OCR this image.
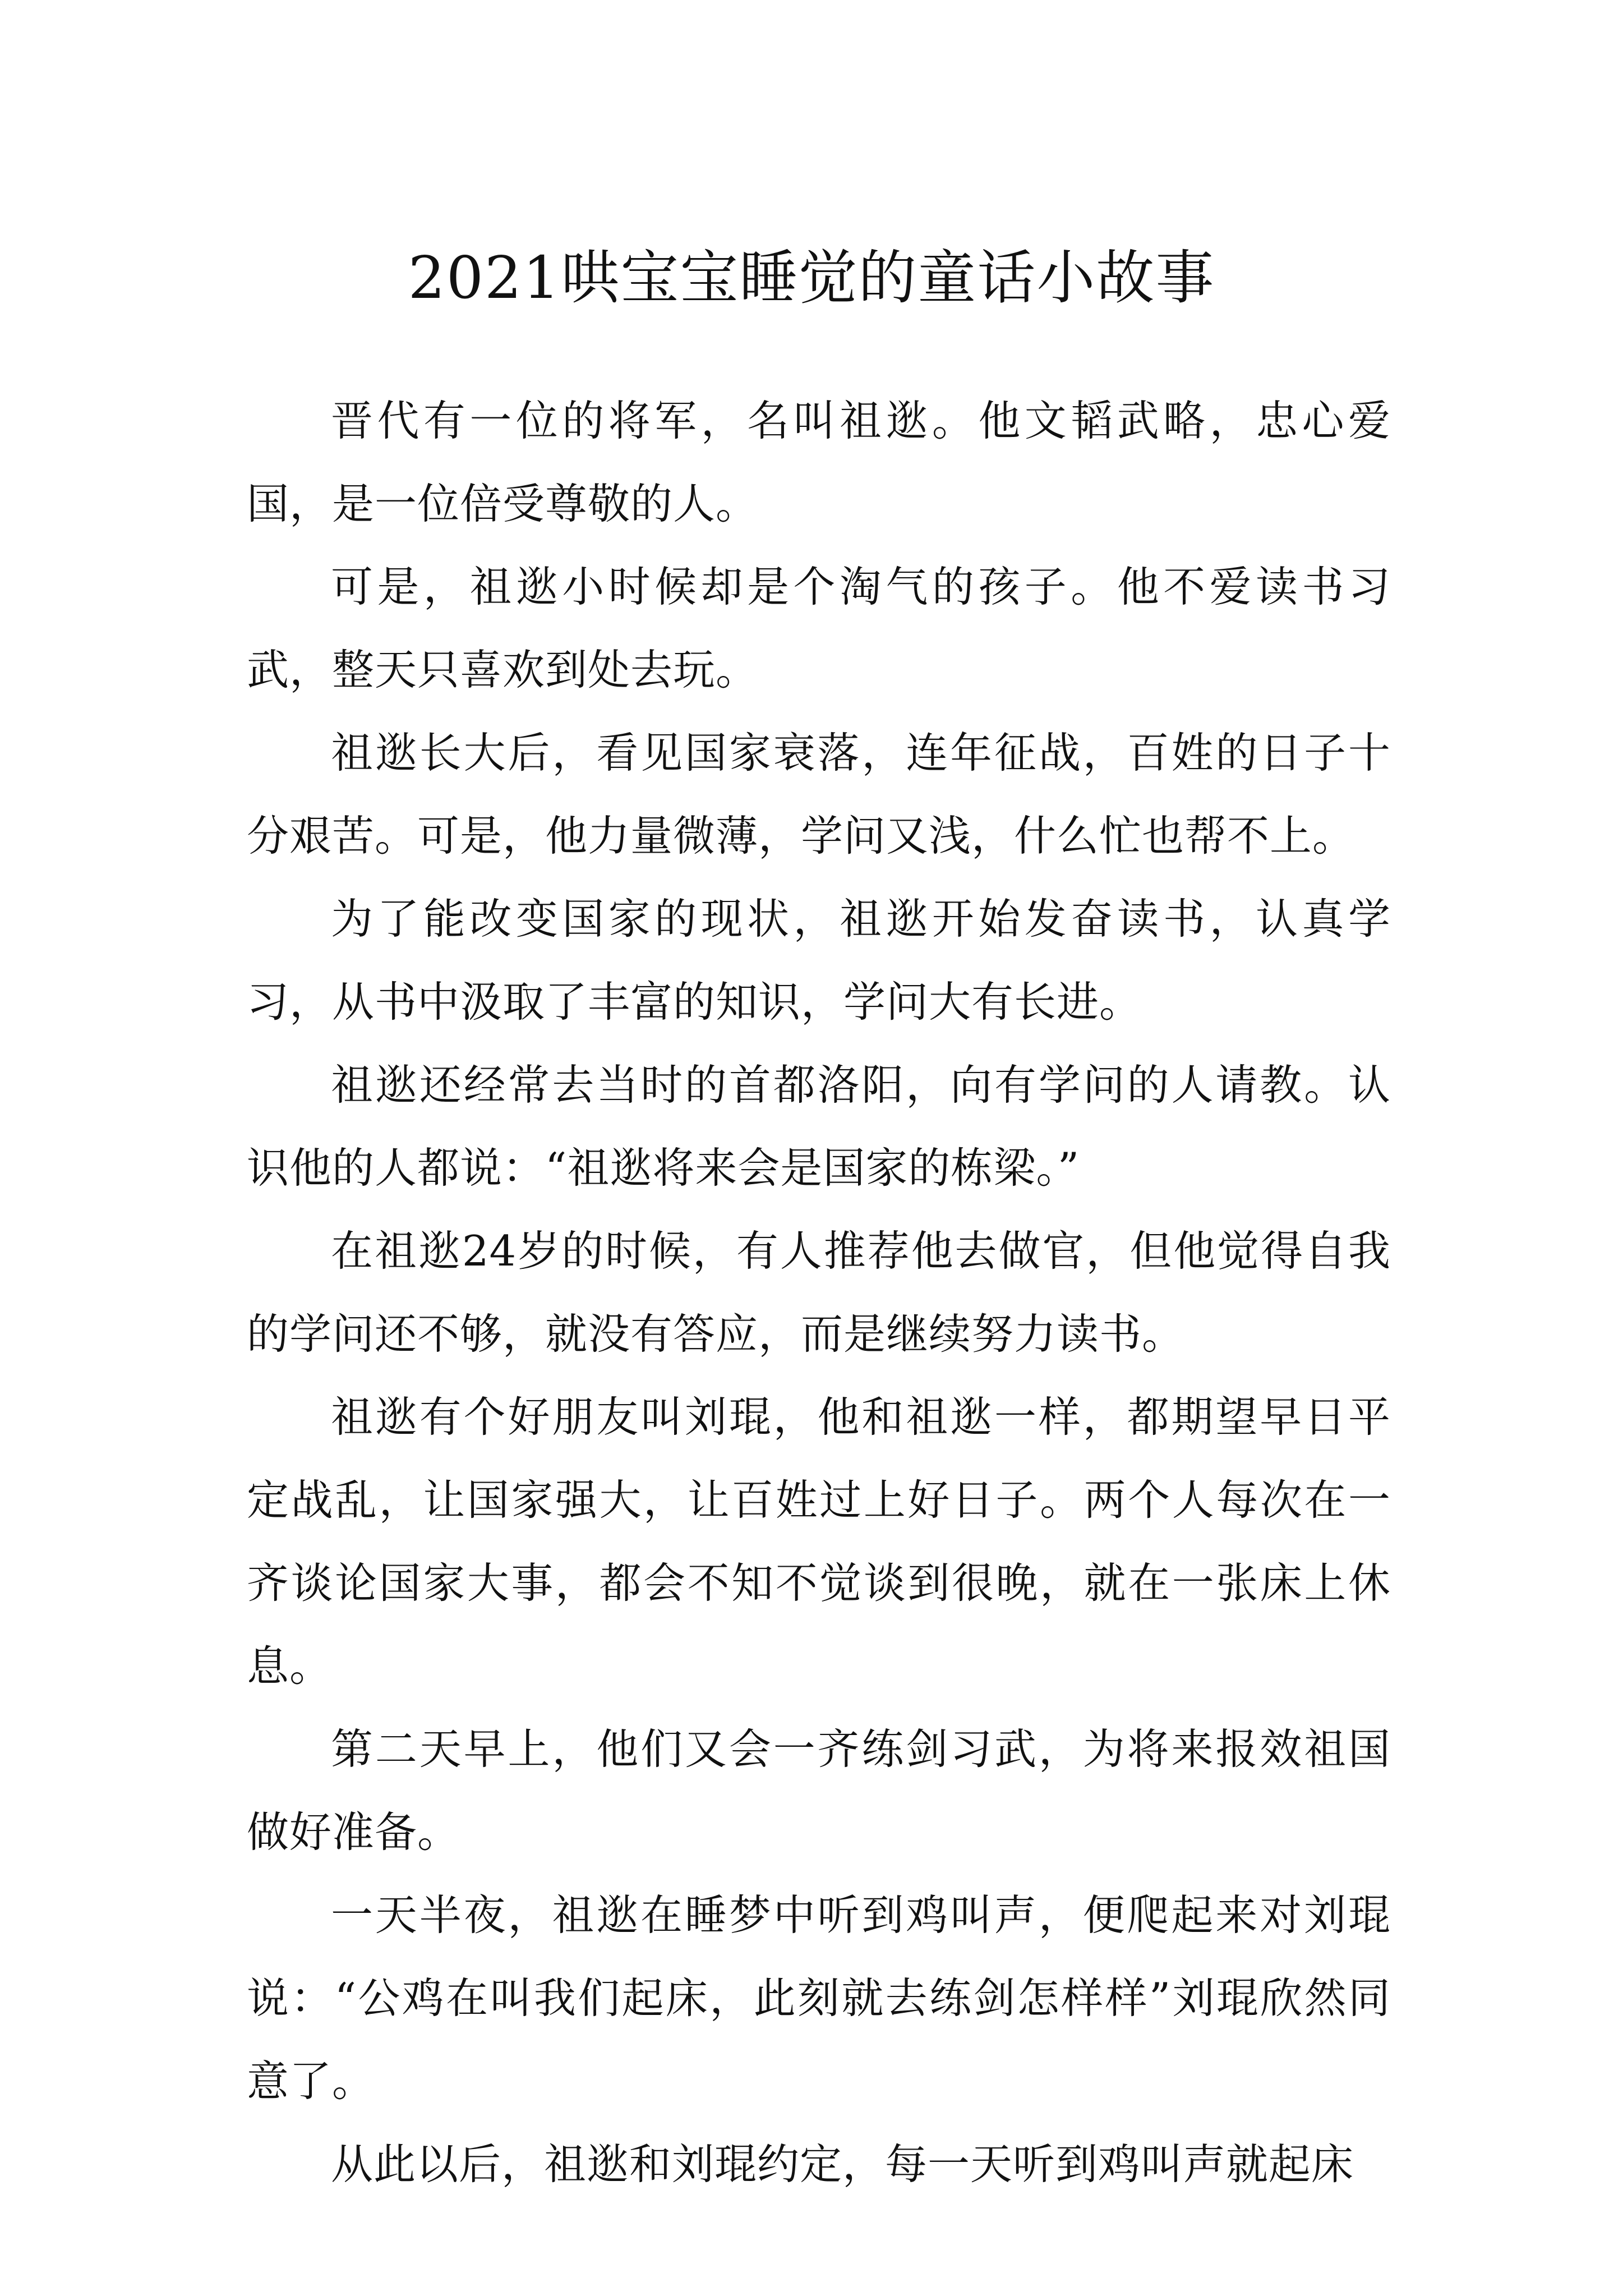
2021哄宝宝睡觉的童话小故事

晋代有一位的将军，名叫祖逖。他文韬武略，忠心爱国，是一位倍受尊敬的人。

可是，祖逖小时候却是个淘气的孩子。他不爱读书习武，整天只喜欢到处去玩。

祖逖长大后，看见国家衰落，连年征战，百姓的日子十分艰苦。可是，他力量微薄，学问又浅，什么忙也帮不上。

为了能改变国家的现状，祖逖开始发奋读书，认真学习，从书中汲取了丰富的知识，学问大有长进。

祖逖还经常去当时的首都洛阳，向有学问的人请教。认识他的人都说：“祖逖将来会是国家的栋梁。”

在祖逖24岁的时候，有人推荐他去做官，但他觉得自我的学问还不够，就没有答应，而是继续努力读书。

祖逖有个好朋友叫刘琨，他和祖逖一样，都期望早日平定战乱，让国家强大，让百姓过上好日子。两个人每次在一齐谈论国家大事，都会不知不觉谈到很晚，就在一张床上休息。

第二天早上，他们又会一齐练剑习武，为将来报效祖国做好准备。

一天半夜，祖逖在睡梦中听到鸡叫声，便爬起来对刘琨说：“公鸡在叫我们起床，此刻就去练剑怎样样”刘琨欣然同意了。

从此以后，祖逖和刘琨约定，每一天听到鸡叫声就起床
